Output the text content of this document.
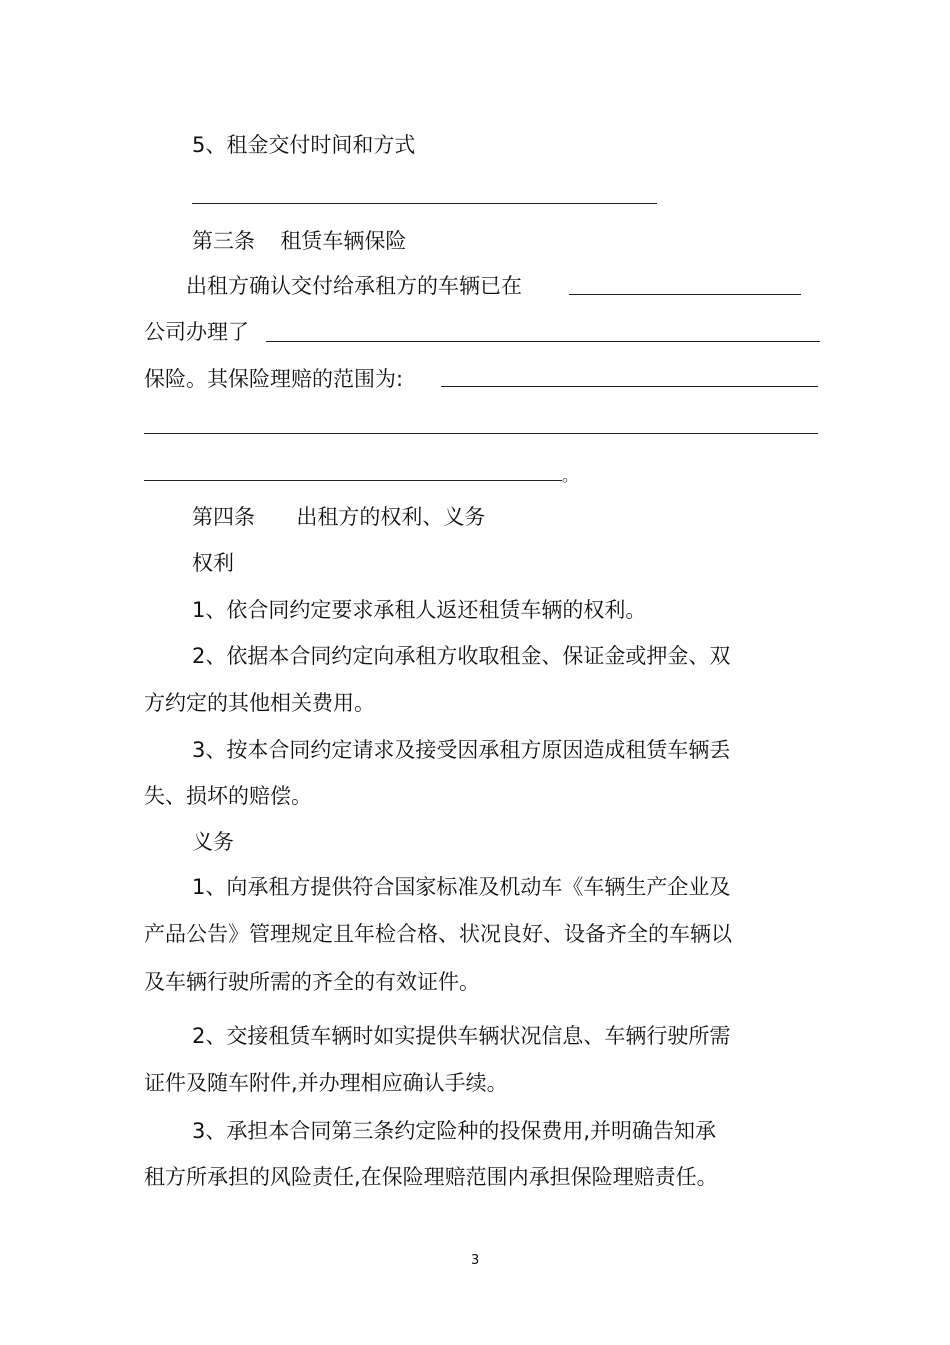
5、租金交付时间和方式
第三条 租赁车辆保险
出租方确认交付给承租方的车辆已在
公司办理了
保险。其保险理赔的范围为:
。
第四条 出租方的权利、义务
权利
1、依合同约定要求承租人返还租赁车辆的权利。
2、依据本合同约定向承租方收取租金、保证金或押金、双
方约定的其他相关费用。
3、按本合同约定请求及接受因承租方原因造成租赁车辆丢
失、损坏的赔偿。
义务
1、向承租方提供符合国家标准及机动车《车辆生产企业及
产品公告》管理规定且年检合格、状况良好、设备齐全的车辆以
及车辆行驶所需的齐全的有效证件。
2、交接租赁车辆时如实提供车辆状况信息、车辆行驶所需
证件及随车附件,并办理相应确认手续。
3、承担本合同第三条约定险种的投保费用,并明确告知承
租方所承担的风险责任,在保险理赔范围内承担保险理赔责任。
3
